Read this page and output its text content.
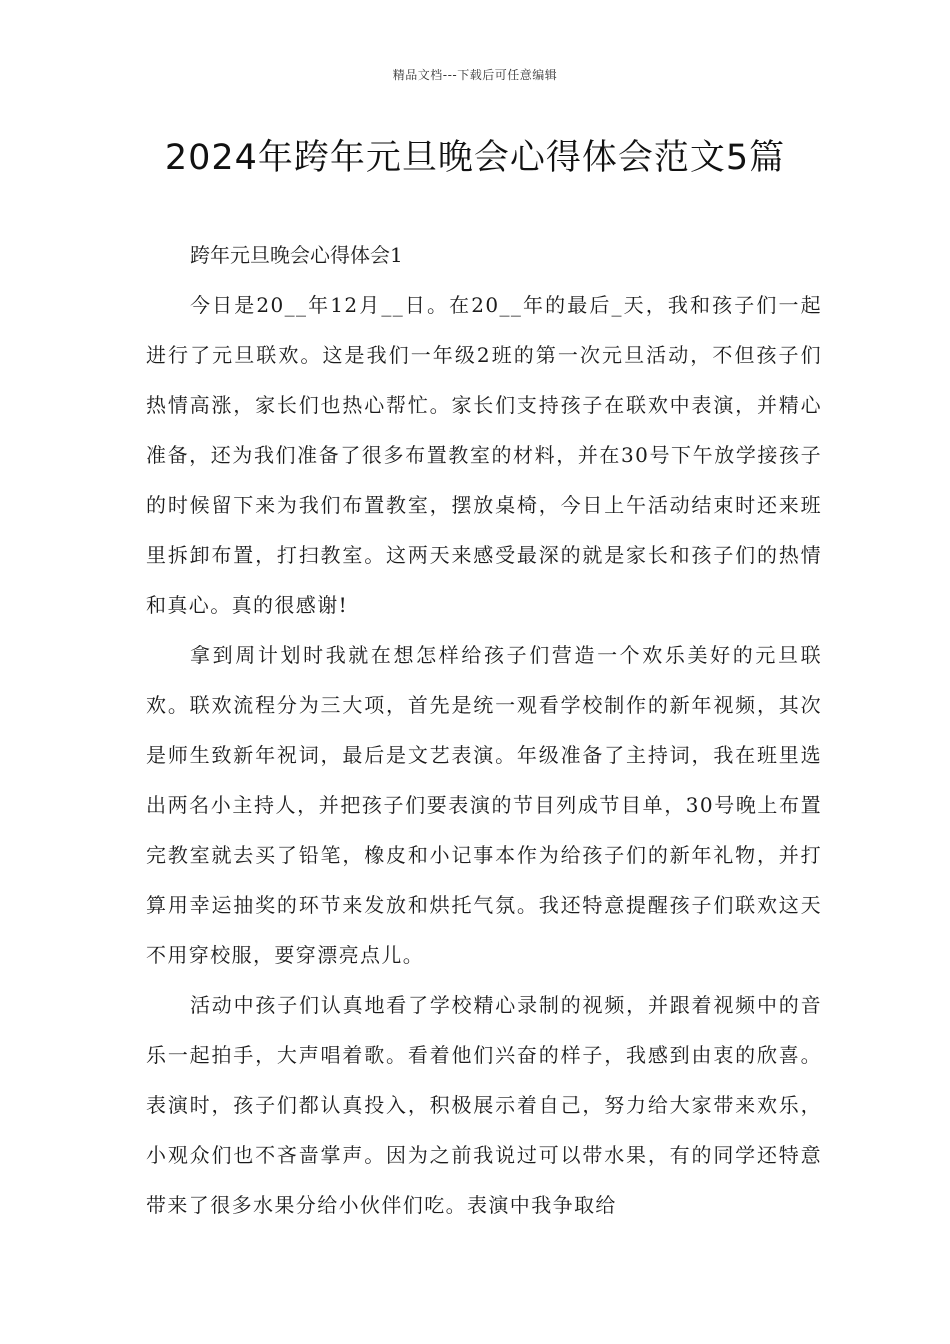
精品文档---下载后可任意编辑
2024年跨年元旦晚会心得体会范文5篇

跨年元旦晚会心得体会1

今日是20__年12月__日。在20__年的最后_天，我和孩子们一起进行了元旦联欢。这是我们一年级2班的第一次元旦活动，不但孩子们热情高涨，家长们也热心帮忙。家长们支持孩子在联欢中表演，并精心准备，还为我们准备了很多布置教室的材料，并在30号下午放学接孩子的时候留下来为我们布置教室，摆放桌椅，今日上午活动结束时还来班里拆卸布置，打扫教室。这两天来感受最深的就是家长和孩子们的热情和真心。真的很感谢!

拿到周计划时我就在想怎样给孩子们营造一个欢乐美好的元旦联欢。联欢流程分为三大项，首先是统一观看学校制作的新年视频，其次是师生致新年祝词，最后是文艺表演。年级准备了主持词，我在班里选出两名小主持人，并把孩子们要表演的节目列成节目单，30号晚上布置完教室就去买了铅笔，橡皮和小记事本作为给孩子们的新年礼物，并打算用幸运抽奖的环节来发放和烘托气氛。我还特意提醒孩子们联欢这天不用穿校服，要穿漂亮点儿。

活动中孩子们认真地看了学校精心录制的视频，并跟着视频中的音乐一起拍手，大声唱着歌。看着他们兴奋的样子，我感到由衷的欣喜。表演时，孩子们都认真投入，积极展示着自己，努力给大家带来欢乐，小观众们也不吝啬掌声。因为之前我说过可以带水果，有的同学还特意带来了很多水果分给小伙伴们吃。表演中我争取给
